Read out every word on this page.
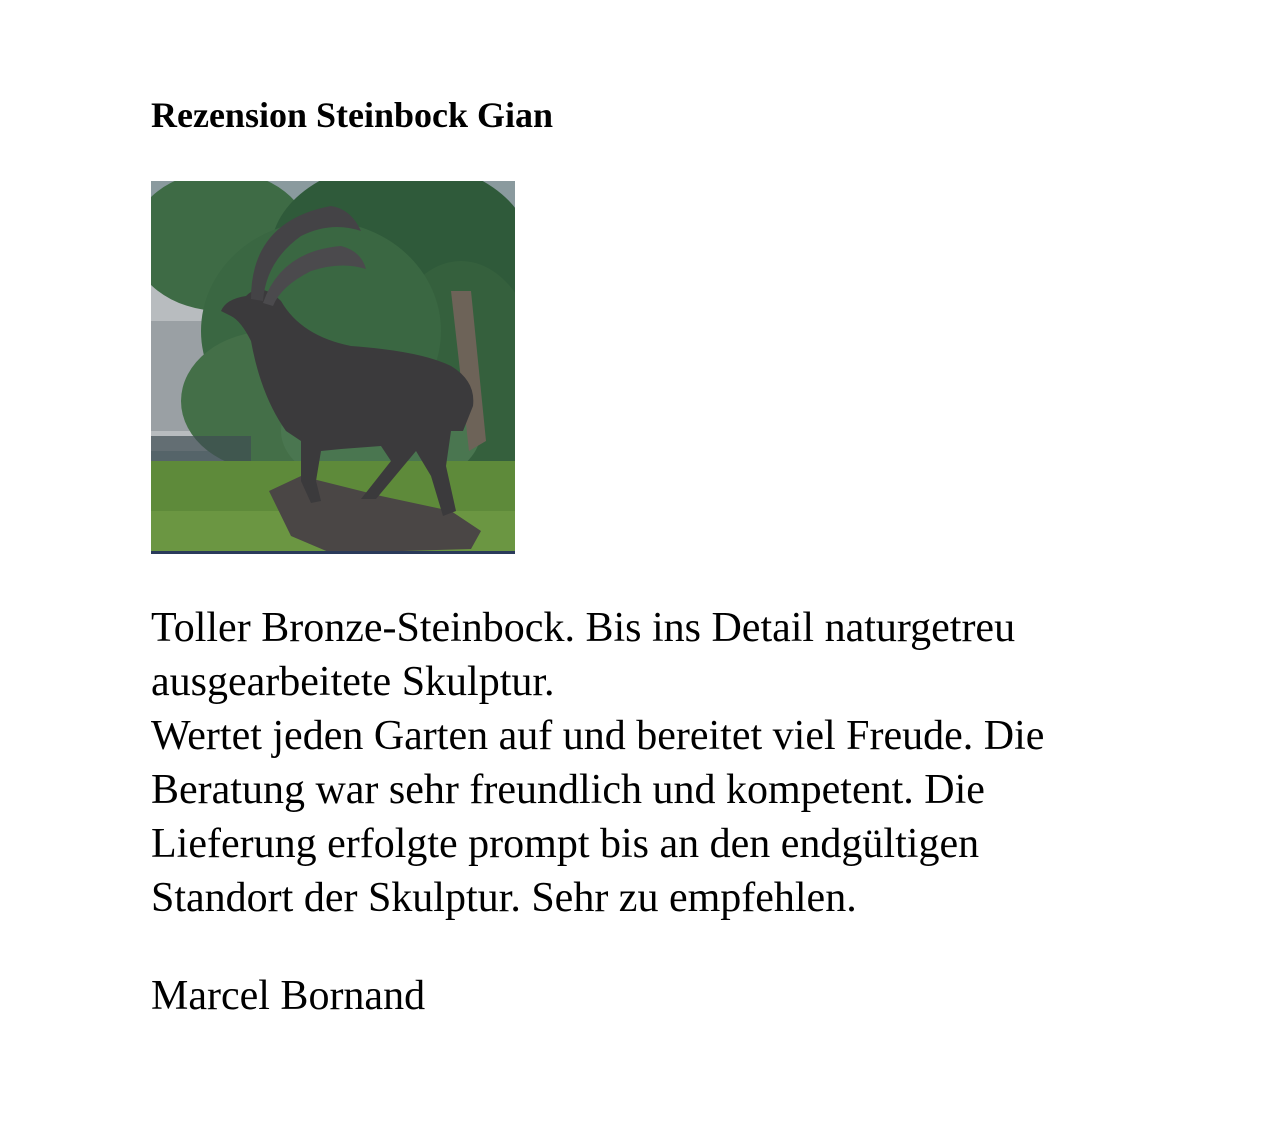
Rezension Steinbock Gian

Toller Bronze-Steinbock. Bis ins Detail naturgetreu
ausgearbeitete Skulptur.
Wertet jeden Garten auf und bereitet viel Freude. Die
Beratung war sehr freundlich und kompetent. Die
Lieferung erfolgte prompt bis an den endgültigen
Standort der Skulptur. Sehr zu empfehlen.

Marcel Bornand
